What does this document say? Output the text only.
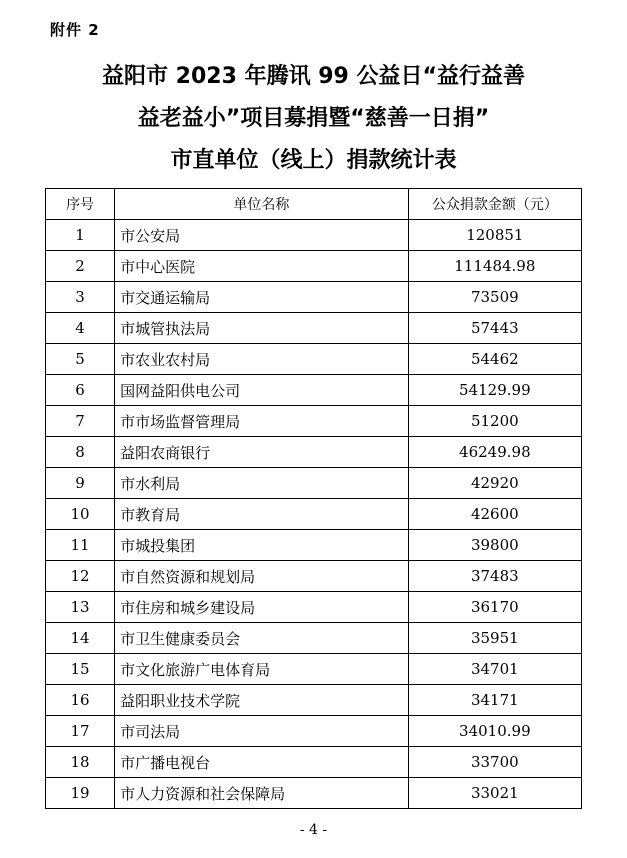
附件 2
益阳市 2023 年腾讯 99 公益日“益行益善
益老益小”项目募捐暨“慈善一日捐”
市直单位（线上）捐款统计表
序号	单位名称	公众捐款金额（元）
1	市公安局	120851
2	市中心医院	111484.98
3	市交通运输局	73509
4	市城管执法局	57443
5	市农业农村局	54462
6	国网益阳供电公司	54129.99
7	市市场监督管理局	51200
8	益阳农商银行	46249.98
9	市水利局	42920
10	市教育局	42600
11	市城投集团	39800
12	市自然资源和规划局	37483
13	市住房和城乡建设局	36170
14	市卫生健康委员会	35951
15	市文化旅游广电体育局	34701
16	益阳职业技术学院	34171
17	市司法局	34010.99
18	市广播电视台	33700
19	市人力资源和社会保障局	33021
- 4 -
